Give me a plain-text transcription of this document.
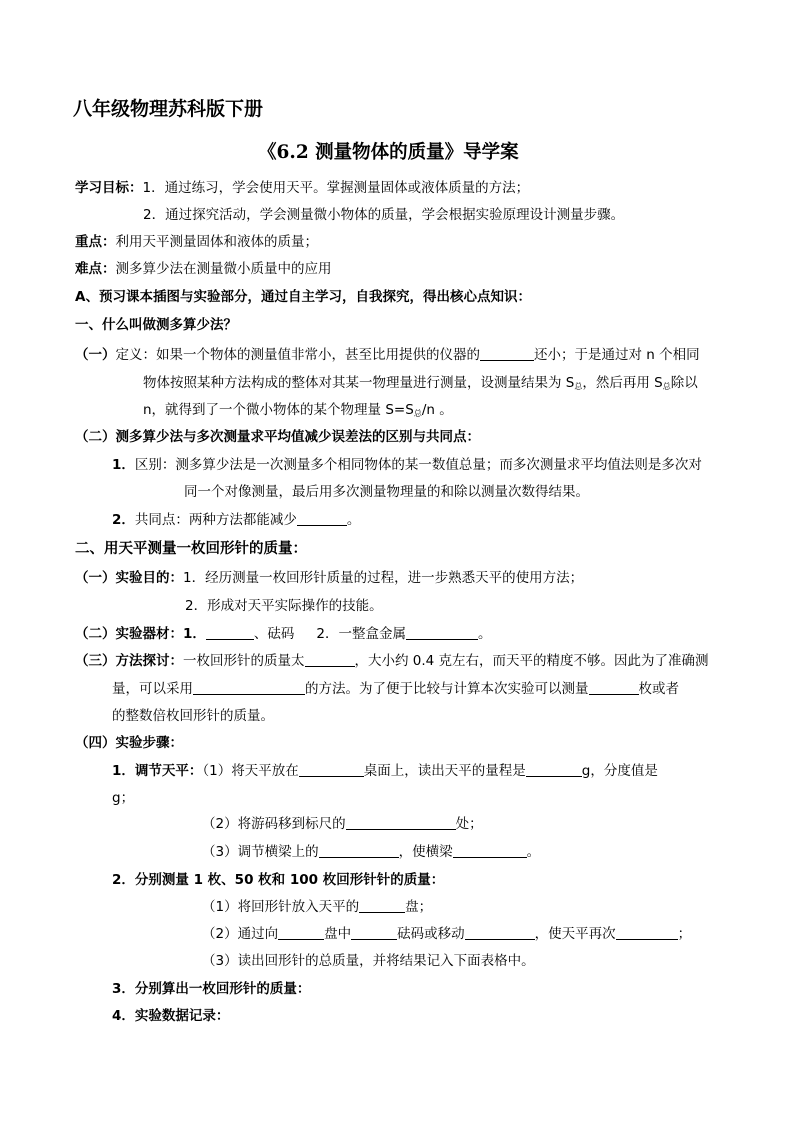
八年级物理苏科版下册
《6.2 测量物体的质量》导学案
学习目标：1．通过练习，学会使用天平。掌握测量固体或液体质量的方法；
2．通过探究活动，学会测量微小物体的质量，学会根据实验原理设计测量步骤。
重点：利用天平测量固体和液体的质量；
难点：测多算少法在测量微小质量中的应用
A、预习课本插图与实验部分，通过自主学习，自我探究，得出核心点知识：
一、什么叫做测多算少法？
（一）定义：如果一个物体的测量值非常小，甚至比用提供的仪器的	还小；于是通过对 n 个相同
物体按照某种方法构成的整体对其某一物理量进行测量，设测量结果为 $S_总$，然后再用 $S_总$除以
n，就得到了一个微小物体的某个物理量 $S=S_总/n$ 。
（二）测多算少法与多次测量求平均值减少误差法的区别与共同点：
1．区别：测多算少法是一次测量多个相同物体的某一数值总量；而多次测量求平均值法则是多次对
同一个对像测量，最后用多次测量物理量的和除以测量次数得结果。
2．共同点：两种方法都能减少	。
二、用天平测量一枚回形针的质量：
（一）实验目的：1．经历测量一枚回形针质量的过程，进一步熟悉天平的使用方法；
2．形成对天平实际操作的技能。
（二）实验器材：1．	、砝码 2．一整盒金属	。
（三）方法探讨：一枚回形针的质量太	，大小约 0.4 克左右，而天平的精度不够。因此为了准确测
量，可以采用	的方法。为了便于比较与计算本次实验可以测量	枚或者
的整数倍枚回形针的质量。
（四）实验步骤：
1．调节天平：（1）将天平放在	桌面上，读出天平的量程是	g，分度值是
g；
（2）将游码移到标尺的	处；
（3）调节横梁上的	，使横梁	。
2．分别测量 1 枚、50 枚和 100 枚回形针针的质量：
（1）将回形针放入天平的	盘；
（2）通过向	盘中	砝码或移动	，使天平再次	；
（3）读出回形针的总质量，并将结果记入下面表格中。
3．分别算出一枚回形针的质量：
4．实验数据记录：
